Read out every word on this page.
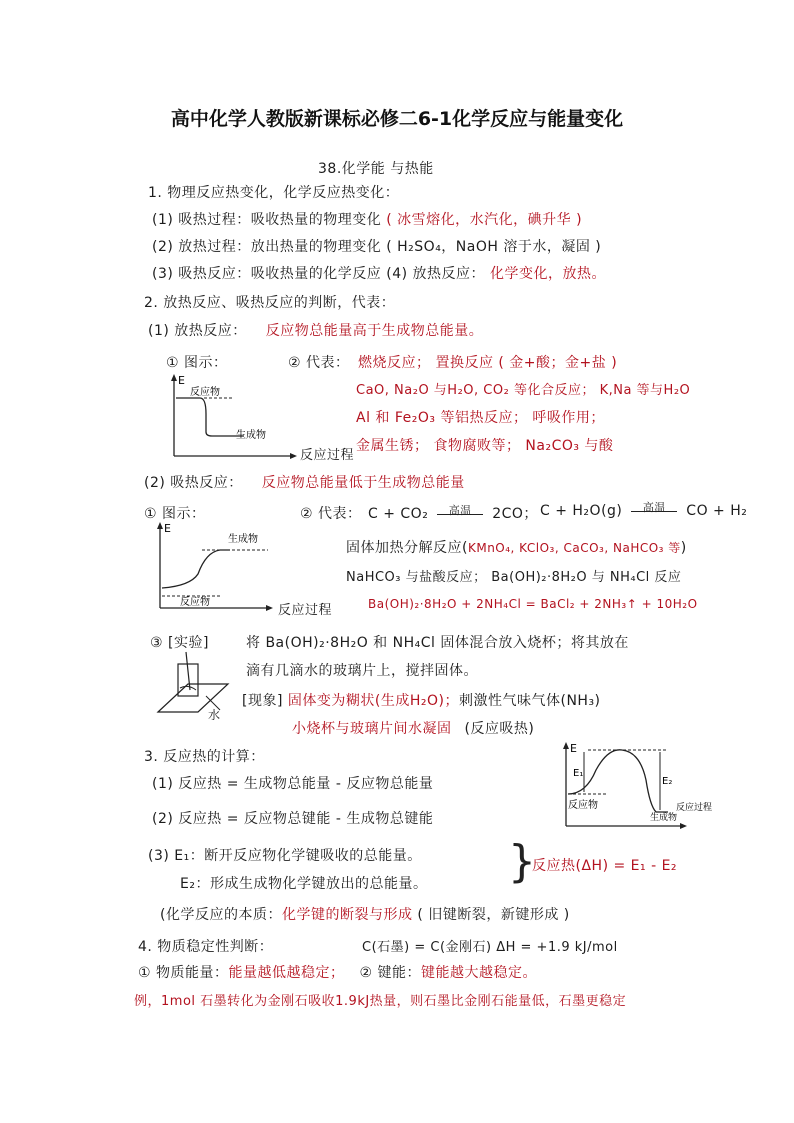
高中化学人教版新课标必修二6-1化学反应与能量变化
38.化学能 与热能
1. 物理反应热变化，化学反应热变化：
(1) 吸热过程：吸收热量的物理变化 ( 冰雪熔化，水汽化，碘升华 )
(2) 放热过程：放出热量的物理变化 ( H₂SO₄，NaOH 溶于水，凝固 )
(3) 吸热反应：吸收热量的化学反应 (4) 放热反应： 化学变化，放热。
2. 放热反应、吸热反应的判断，代表：
(1) 放热反应： 反应物总能量高于生成物总能量。
① 图示：	② 代表： 燃烧反应； 置换反应 ( 金+酸；金+盐 )
CaO, Na₂O 与H₂O, CO₂ 等化合反应； K,Na 等与H₂O
Al 和 Fe₂O₃ 等铝热反应； 呼吸作用；
金属生锈； 食物腐败等； Na₂CO₃ 与酸
E
反应物
生成物
反应过程
(2) 吸热反应： 反应物总能量低于生成物总能量
① 图示：	② 代表： C + CO₂	高温	2CO； C + H₂O(g)	高温	CO + H₂
固体加热分解反应(KMnO₄, KClO₃, CaCO₃, NaHCO₃ 等)
NaHCO₃ 与盐酸反应； Ba(OH)₂·8H₂O 与 NH₄Cl 反应
Ba(OH)₂·8H₂O + 2NH₄Cl = BaCl₂ + 2NH₃↑ + 10H₂O
E
生成物
反应物
反应过程
③ [实验]	将 Ba(OH)₂·8H₂O 和 NH₄Cl 固体混合放入烧杯；将其放在
滴有几滴水的玻璃片上，搅拌固体。
[现象] 固体变为糊状(生成H₂O)；刺激性气味气体(NH₃)
小烧杯与玻璃片间水凝固 (反应吸热)
水
3. 反应热的计算：
(1) 反应热 = 生成物总能量 - 反应物总能量
(2) 反应热 = 反应物总键能 - 生成物总键能
(3) E₁：断开反应物化学键吸收的总能量。
E₂：形成生成物化学键放出的总能量。 }
反应热(ΔH) = E₁ - E₂
(化学反应的本质：化学键的断裂与形成 ( 旧键断裂，新键形成 )
E
E₁
E₂
反应物
生成物
反应过程
4. 物质稳定性判断：	C(石墨) = C(金刚石) ΔH = +1.9 kJ/mol
① 物质能量：能量越低越稳定； ② 键能：键能越大越稳定。
例，1mol 石墨转化为金刚石吸收1.9kJ热量，则石墨比金刚石能量低，石墨更稳定
